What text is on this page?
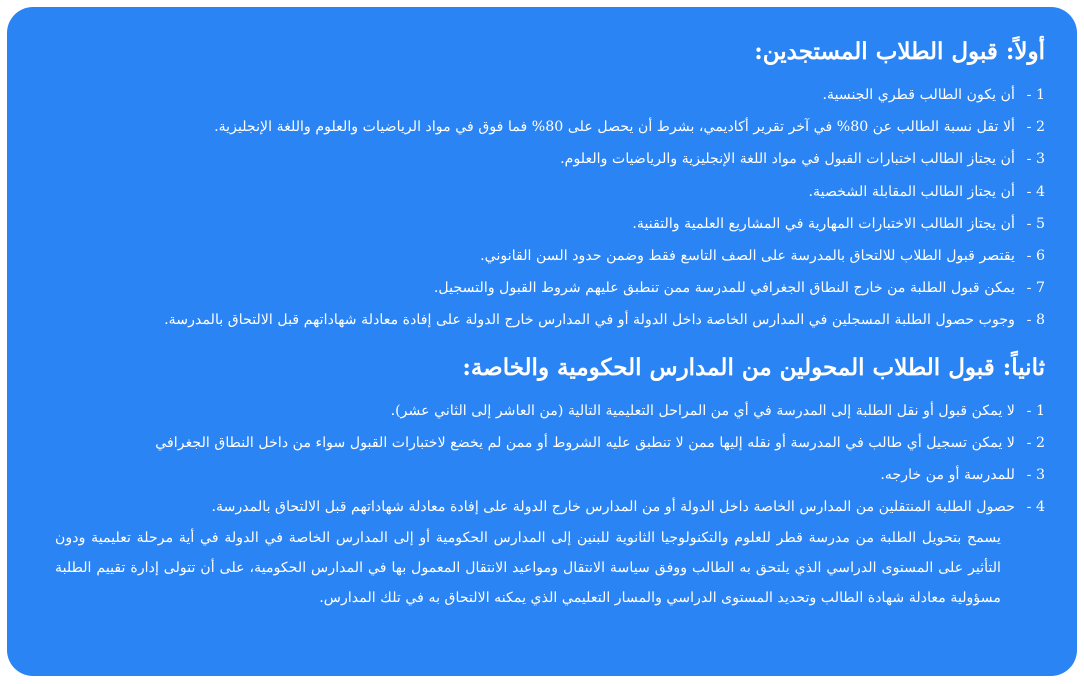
أولاً: قبول الطلاب المستجدين:
1 -
أن يكون الطالب قطري الجنسية.
2 -
ألا تقل نسبة الطالب عن 80% في آخر تقرير أكاديمي، بشرط أن يحصل على 80% فما فوق في مواد الرياضيات والعلوم واللغة الإنجليزية.
3 -
أن يجتاز الطالب اختبارات القبول في مواد اللغة الإنجليزية والرياضيات والعلوم.
4 -
أن يجتاز الطالب المقابلة الشخصية.
5 -
أن يجتاز الطالب الاختبارات المهارية في المشاريع العلمية والتقنية.
6 -
يقتصر قبول الطلاب للالتحاق بالمدرسة على الصف التاسع فقط وضمن حدود السن القانوني.
7 -
يمكن قبول الطلبة من خارج النطاق الجغرافي للمدرسة ممن تنطبق عليهم شروط القبول والتسجيل.
8 -
وجوب حصول الطلبة المسجلين في المدارس الخاصة داخل الدولة أو في المدارس خارج الدولة على إفادة معادلة شهاداتهم قبل الالتحاق بالمدرسة.
ثانياً: قبول الطلاب المحولين من المدارس الحكومية والخاصة:
1 -
لا يمكن قبول أو نقل الطلبة إلى المدرسة في أي من المراحل التعليمية التالية (من العاشر إلى الثاني عشر).
2 -
لا يمكن تسجيل أي طالب في المدرسة أو نقله إليها ممن لا تنطبق عليه الشروط أو ممن لم يخضع لاختبارات القبول سواء من داخل النطاق الجغرافي
3 -
للمدرسة أو من خارجه.
4 -
حصول الطلبة المنتقلين من المدارس الخاصة داخل الدولة أو من المدارس خارج الدولة على إفادة معادلة شهاداتهم قبل الالتحاق بالمدرسة.

يسمح بتحويل الطلبة من مدرسة قطر للعلوم والتكنولوجيا الثانوية للبنين إلى المدارس الحكومية أو إلى المدارس الخاصة في الدولة في أية مرحلة تعليمية ودون التأثير على المستوى الدراسي الذي يلتحق به الطالب ووفق سياسة الانتقال ومواعيد الانتقال المعمول بها في المدارس الحكومية، على أن تتولى إدارة تقييم الطلبة مسؤولية معادلة شهادة الطالب وتحديد المستوى الدراسي والمسار التعليمي الذي يمكنه الالتحاق به في تلك المدارس.
